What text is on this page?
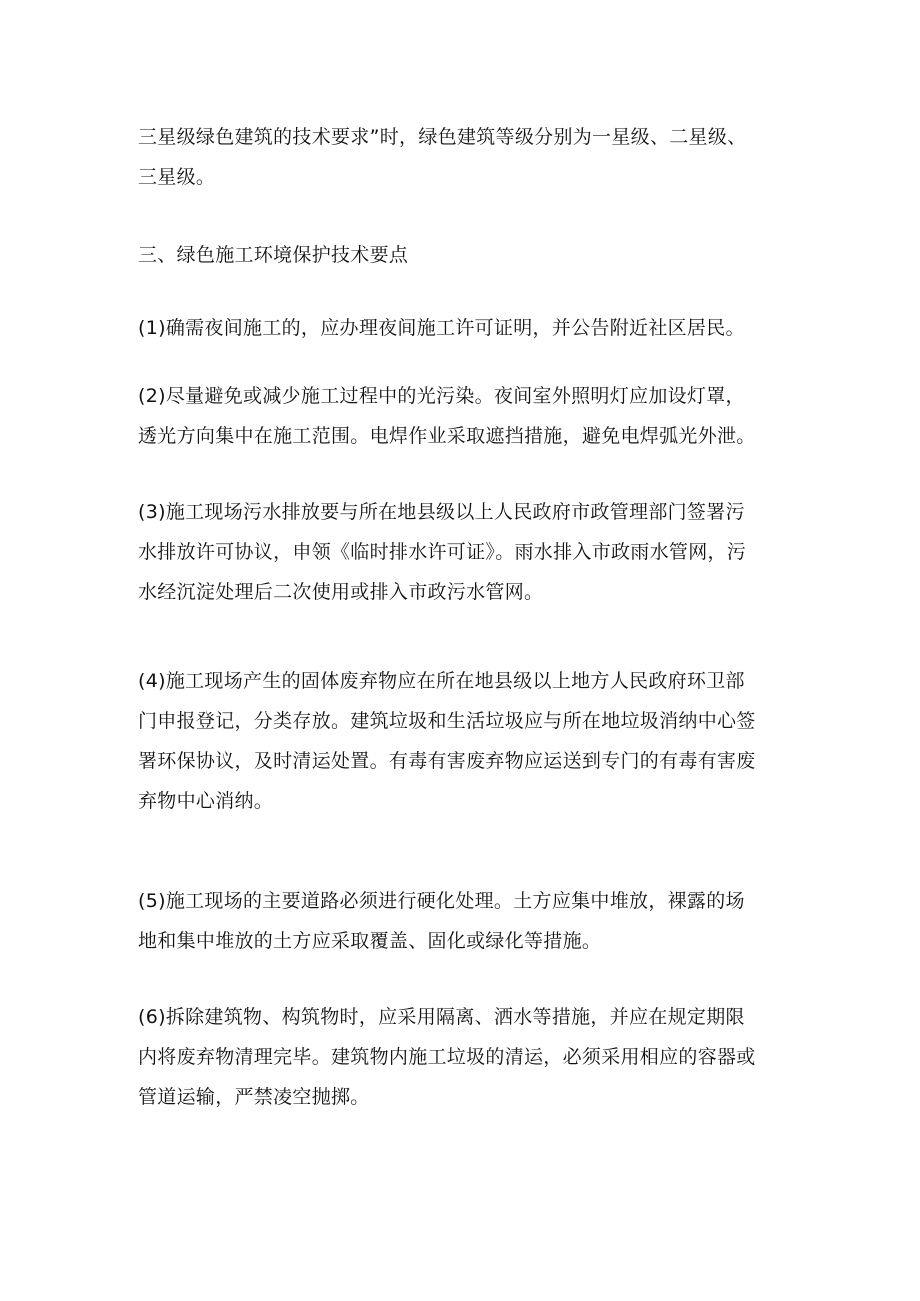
三星级绿色建筑的技术要求”时，绿色建筑等级分别为一星级、二星级、
三星级。

三、绿色施工环境保护技术要点

(1)确需夜间施工的，应办理夜间施工许可证明，并公告附近社区居民。

(2)尽量避免或减少施工过程中的光污染。夜间室外照明灯应加设灯罩，
透光方向集中在施工范围。电焊作业采取遮挡措施，避免电焊弧光外泄。

(3)施工现场污水排放要与所在地县级以上人民政府市政管理部门签署污
水排放许可协议，申领《临时排水许可证》。雨水排入市政雨水管网，污
水经沉淀处理后二次使用或排入市政污水管网。

(4)施工现场产生的固体废弃物应在所在地县级以上地方人民政府环卫部
门申报登记，分类存放。建筑垃圾和生活垃圾应与所在地垃圾消纳中心签
署环保协议，及时清运处置。有毒有害废弃物应运送到专门的有毒有害废
弃物中心消纳。

(5)施工现场的主要道路必须进行硬化处理。土方应集中堆放，裸露的场
地和集中堆放的土方应采取覆盖、固化或绿化等措施。

(6)拆除建筑物、构筑物时，应采用隔离、洒水等措施，并应在规定期限
内将废弃物清理完毕。建筑物内施工垃圾的清运，必须采用相应的容器或
管道运输，严禁凌空抛掷。
